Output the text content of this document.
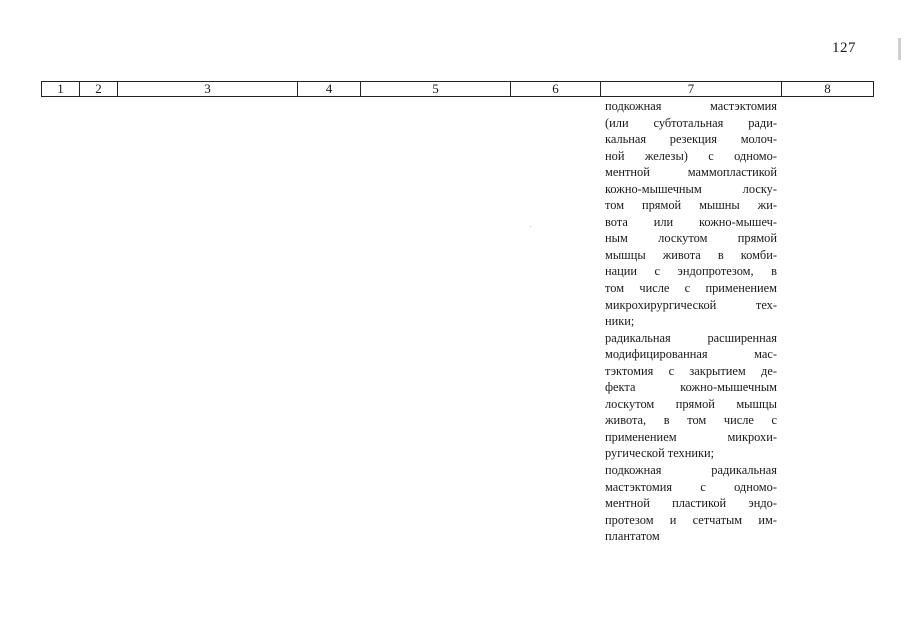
127
1	2	3	4	5	6	7	8
подкожная	мастэктомия
(или субтотальная ради-
кальная резекция молоч-
ной железы) с одномо-
ментной	маммопластикой
кожно-мышечным	лоску-
том прямой мышны жи-
вота или кожно-мышеч-
ным лоскутом прямой
мышцы живота в комби-
нации с эндопротезом, в
том числе с применением
микрохирургической	тех-
ники;
радикальная	расширенная
модифицированная	мас-
тэктомия с закрытием де-
фекта	кожно-мышечным
лоскутом прямой мышцы
живота, в том числе с
применением	микрохи-
ругической техники;
подкожная	радикальная
мастэктомия с одномо-
ментной пластикой эндо-
протезом и сетчатым им-
плантатом
